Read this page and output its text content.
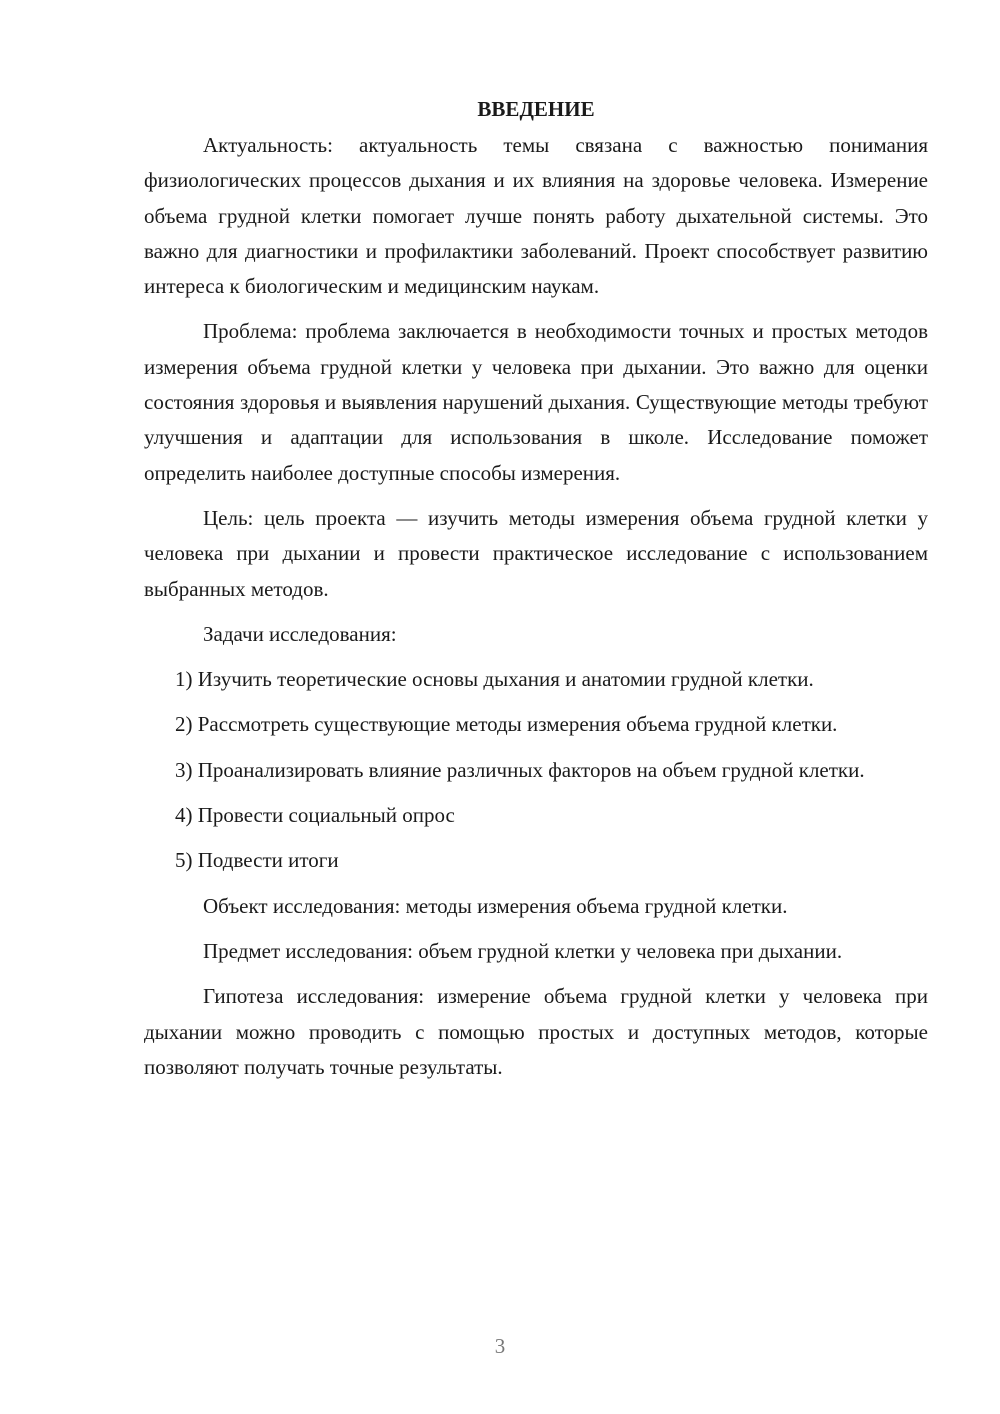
ВВЕДЕНИЕ

Актуальность: актуальность темы связана с важностью понимания физиологических процессов дыхания и их влияния на здоровье человека. Измерение объема грудной клетки помогает лучше понять работу дыхательной системы. Это важно для диагностики и профилактики заболеваний. Проект способствует развитию интереса к биологическим и медицинским наукам.

Проблема: проблема заключается в необходимости точных и простых методов измерения объема грудной клетки у человека при дыхании. Это важно для оценки состояния здоровья и выявления нарушений дыхания. Существующие методы требуют улучшения и адаптации для использования в школе. Исследование поможет определить наиболее доступные способы измерения.

Цель: цель проекта — изучить методы измерения объема грудной клетки у человека при дыхании и провести практическое исследование с использованием выбранных методов.

Задачи исследования:

1) Изучить теоретические основы дыхания и анатомии грудной клетки.

2) Рассмотреть существующие методы измерения объема грудной клетки.

3) Проанализировать влияние различных факторов на объем грудной клетки.

4) Провести социальный опрос

5) Подвести итоги

Объект исследования: методы измерения объема грудной клетки.

Предмет исследования: объем грудной клетки у человека при дыхании.

Гипотеза исследования: измерение объема грудной клетки у человека при дыхании можно проводить с помощью простых и доступных методов, которые позволяют получать точные результаты.

3
